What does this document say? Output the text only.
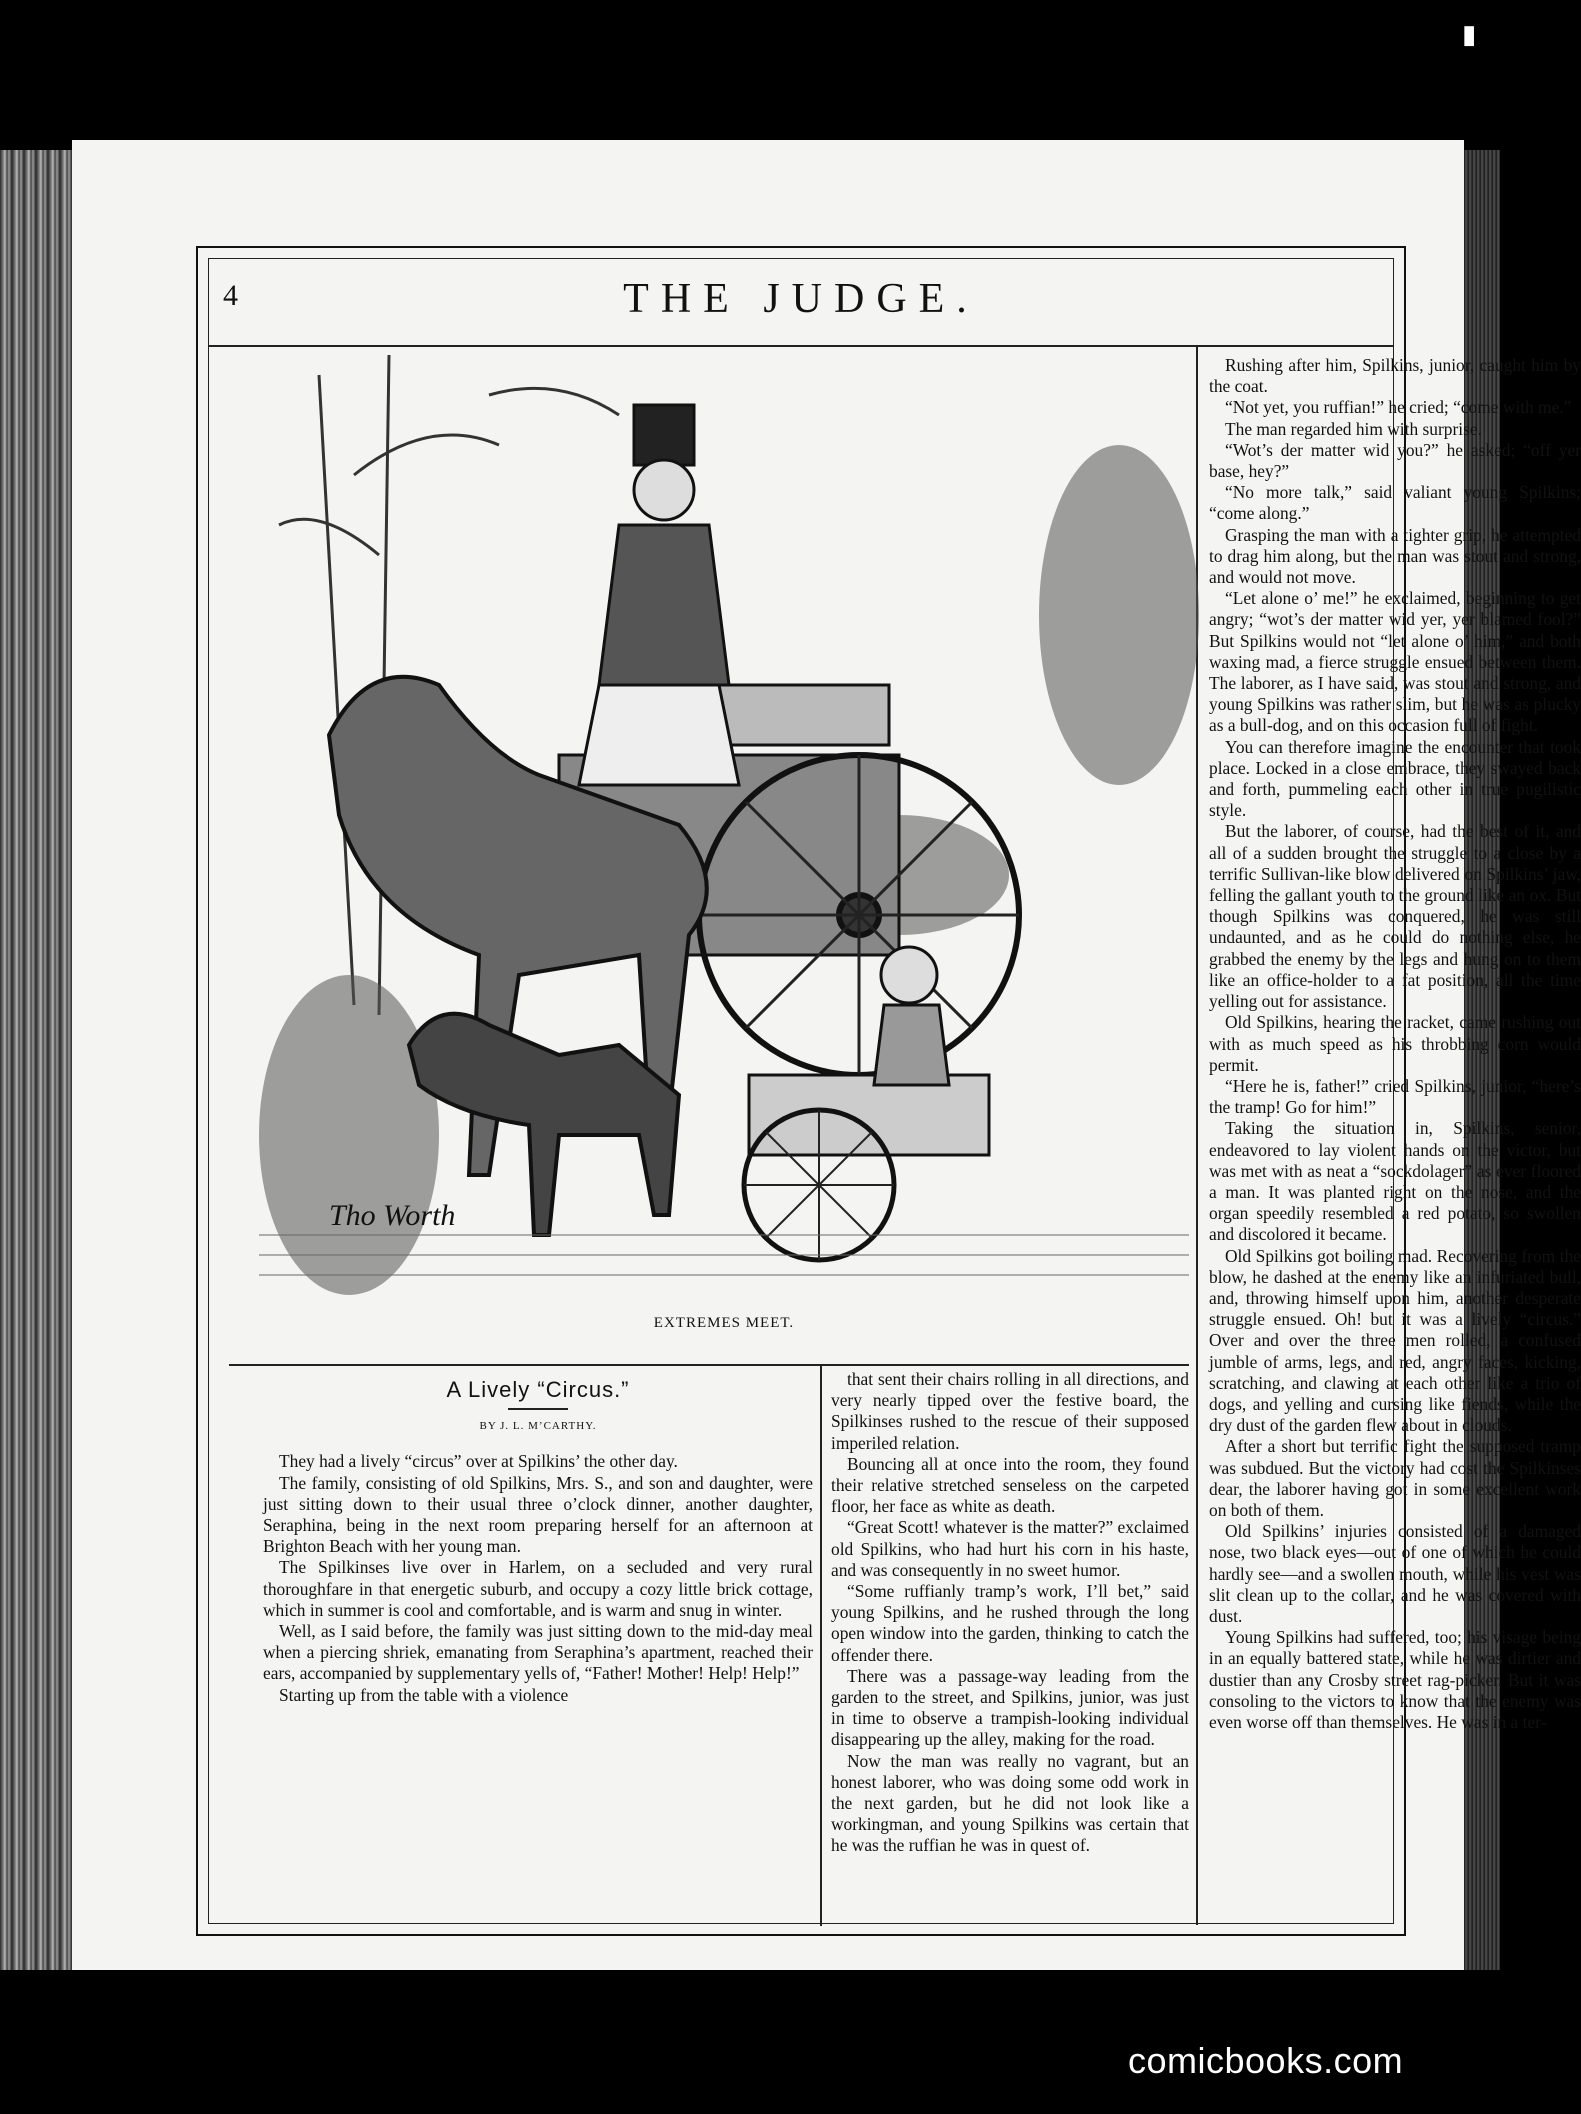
▮
4	THE JUDGE.
Tho Worth
EXTREMES MEET.

Rushing after him, Spilkins, junior, caught him by the coat.

“Not yet, you ruffian!” he cried; “come with me.”

The man regarded him with surprise.

“Wot’s der matter wid you?” he asked; “off yer base, hey?”

“No more talk,” said valiant young Spilkins; “come along.”

Grasping the man with a tighter grip, he attempted to drag him along, but the man was stout and strong, and would not move.

“Let alone o’ me!” he exclaimed, beginning to get angry; “wot’s der matter wid yer, yer blamed fool?” But Spilkins would not “let alone o’ him,” and both waxing mad, a fierce struggle ensued between them. The laborer, as I have said, was stout and strong, and young Spilkins was rather slim, but he was as plucky as a bull-dog, and on this occasion full of fight.

You can therefore imagine the encounter that took place. Locked in a close embrace, they swayed back and forth, pummeling each other in true pugilistic style.

But the laborer, of course, had the best of it, and all of a sudden brought the struggle to a close by a terrific Sullivan-like blow delivered on Spilkins’ jaw, felling the gallant youth to the ground like an ox. But though Spilkins was conquered, he was still undaunted, and as he could do nothing else, he grabbed the enemy by the legs and hung on to them like an office-holder to a fat position, all the time yelling out for assistance.

Old Spilkins, hearing the racket, came rushing out with as much speed as his throbbing corn would permit.

“Here he is, father!” cried Spilkins, junior, “here’s the tramp! Go for him!”

Taking the situation in, Spilkins, senior, endeavored to lay violent hands on the victor, but was met with as neat a “sockdolager” as ever floored a man. It was planted right on the nose, and the organ speedily resembled a red potato, so swollen and discolored it became.

Old Spilkins got boiling mad. Recovering from the blow, he dashed at the enemy like an infuriated bull, and, throwing himself upon him, another desperate struggle ensued. Oh! but it was a lively “circus.” Over and over the three men rolled, a confused jumble of arms, legs, and red, angry faces, kicking, scratching, and clawing at each other like a trio of dogs, and yelling and cursing like fiends, while the dry dust of the garden flew about in clouds.

After a short but terrific fight the supposed tramp was subdued. But the victory had cost the Spilkinses dear, the laborer having got in some excellent work on both of them.

Old Spilkins’ injuries consisted of a damaged nose, two black eyes—out of one of which he could hardly see—and a swollen mouth, while his vest was slit clean up to the collar, and he was covered with dust.

Young Spilkins had suffered, too; his visage being in an equally battered state, while he was dirtier and dustier than any Crosby street rag-picker. But it was consoling to the victors to know that the enemy was even worse off than themselves. He was in a ter-

A Lively “Circus.”
BY J. L. M’CARTHY.

They had a lively “circus” over at Spilkins’ the other day.

The family, consisting of old Spilkins, Mrs. S., and son and daughter, were just sitting down to their usual three o’clock dinner, another daughter, Seraphina, being in the next room preparing herself for an afternoon at Brighton Beach with her young man.

The Spilkinses live over in Harlem, on a secluded and very rural thoroughfare in that energetic suburb, and occupy a cozy little brick cottage, which in summer is cool and comfortable, and is warm and snug in winter.

Well, as I said before, the family was just sitting down to the mid-day meal when a piercing shriek, emanating from Seraphina’s apartment, reached their ears, accompanied by supplementary yells of, “Father! Mother! Help! Help!”

Starting up from the table with a violence

that sent their chairs rolling in all directions, and very nearly tipped over the festive board, the Spilkinses rushed to the rescue of their supposed imperiled relation.

Bouncing all at once into the room, they found their relative stretched senseless on the carpeted floor, her face as white as death.

“Great Scott! whatever is the matter?” exclaimed old Spilkins, who had hurt his corn in his haste, and was consequently in no sweet humor.

“Some ruffianly tramp’s work, I’ll bet,” said young Spilkins, and he rushed through the long open window into the garden, thinking to catch the offender there.

There was a passage-way leading from the garden to the street, and Spilkins, junior, was just in time to observe a trampish-looking individual disappearing up the alley, making for the road.

Now the man was really no vagrant, but an honest laborer, who was doing some odd work in the next garden, but he did not look like a workingman, and young Spilkins was certain that he was the ruffian he was in quest of.

comicbooks.com
